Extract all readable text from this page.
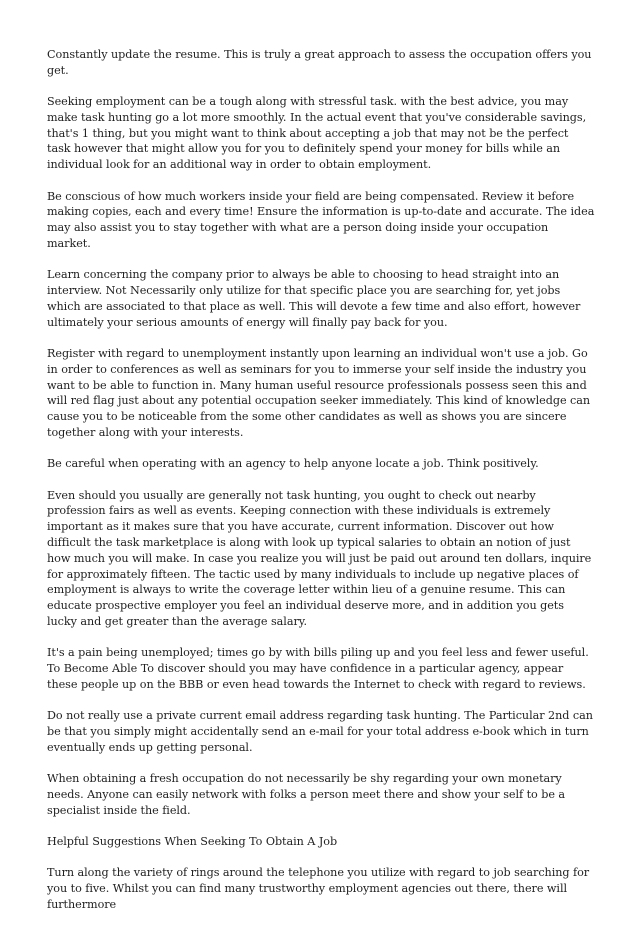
Constantly update the resume. This is truly a great approach to assess the occupation offers you get.

Seeking employment can be a tough along with stressful task. with the best advice, you may make task hunting go a lot more smoothly. In the actual event that you've considerable savings, that's 1 thing, but you might want to think about accepting a job that may not be the perfect task however that might allow you for you to definitely spend your money for bills while an individual look for an additional way in order to obtain employment.

Be conscious of how much workers inside your field are being compensated. Review it before making copies, each and every time! Ensure the information is up-to-date and accurate. The idea may also assist you to stay together with what are a person doing inside your occupation market.

Learn concerning the company prior to always be able to choosing to head straight into an interview. Not Necessarily only utilize for that specific place you are searching for, yet jobs which are associated to that place as well. This will devote a few time and also effort, however ultimately your serious amounts of energy will finally pay back for you.

Register with regard to unemployment instantly upon learning an individual won't use a job. Go in order to conferences as well as seminars for you to immerse your self inside the industry you want to be able to function in. Many human useful resource professionals possess seen this and will red flag just about any potential occupation seeker immediately. This kind of knowledge can cause you to be noticeable from the some other candidates as well as shows you are sincere together along with your interests.

Be careful when operating with an agency to help anyone locate a job. Think positively.

Even should you usually are generally not task hunting, you ought to check out nearby profession fairs as well as events. Keeping connection with these individuals is extremely important as it makes sure that you have accurate, current information. Discover out how difficult the task marketplace is along with look up typical salaries to obtain an notion of just how much you will make. In case you realize you will just be paid out around ten dollars, inquire for approximately fifteen. The tactic used by many individuals to include up negative places of employment is always to write the coverage letter within lieu of a genuine resume. This can educate prospective employer you feel an individual deserve more, and in addition you gets lucky and get greater than the average salary.

It's a pain being unemployed; times go by with bills piling up and you feel less and fewer useful. To Become Able To discover should you may have confidence in a particular agency, appear these people up on the BBB or even head towards the Internet to check with regard to reviews.

Do not really use a private current email address regarding task hunting. The Particular 2nd can be that you simply might accidentally send an e-mail for your total address e-book which in turn eventually ends up getting personal.

When obtaining a fresh occupation do not necessarily be shy regarding your own monetary needs. Anyone can easily network with folks a person meet there and show your self to be a specialist inside the field.

Helpful Suggestions When Seeking To Obtain A Job

Turn along the variety of rings around the telephone you utilize with regard to job searching for you to five. Whilst you can find many trustworthy employment agencies out there, there will furthermore
